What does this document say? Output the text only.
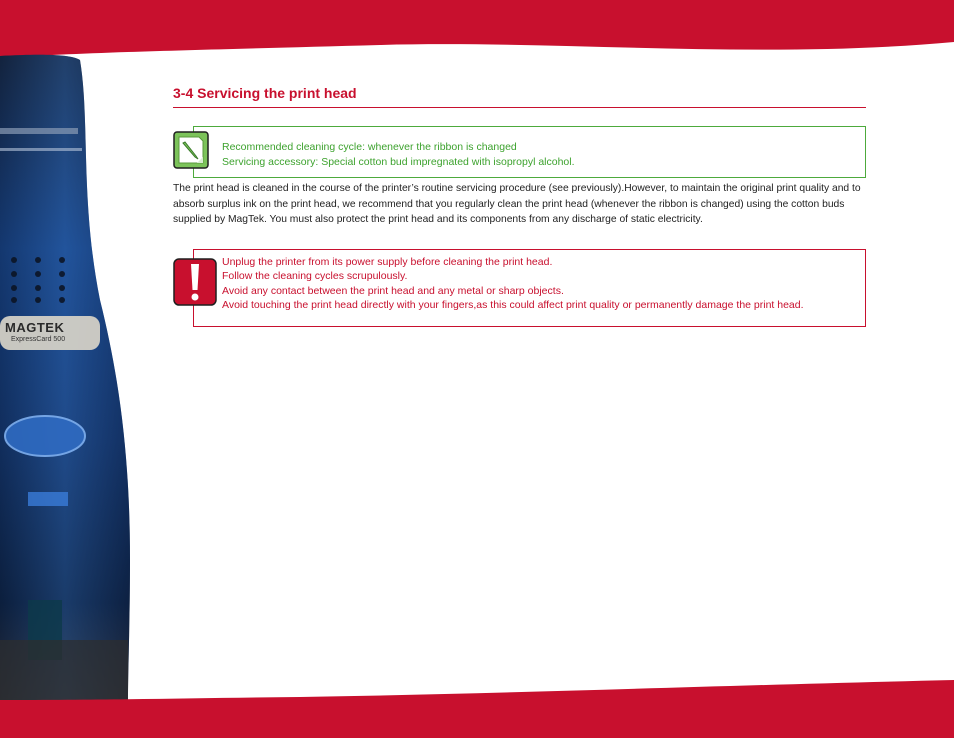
MAGTEK
ExpressCard 500
3-4 Servicing the print head
Recommended cleaning cycle: whenever the ribbon is changed
Servicing accessory: Special cotton bud impregnated with isopropyl alcohol.

The print head is cleaned in the course of the printer’s routine servicing procedure (see previously).However, to maintain the original print quality and to absorb surplus ink on the print head, we recommend that you regularly clean the print head (whenever the ribbon is changed) using the cotton buds supplied by MagTek. You must also protect the print head and its components from any discharge of static electricity.

Unplug the printer from its power supply before cleaning the print head.
Follow the cleaning cycles scrupulously.
Avoid any contact between the print head and any metal or sharp objects.
Avoid touching the print head directly with your fingers,as this could affect print quality or permanently damage the print head.
